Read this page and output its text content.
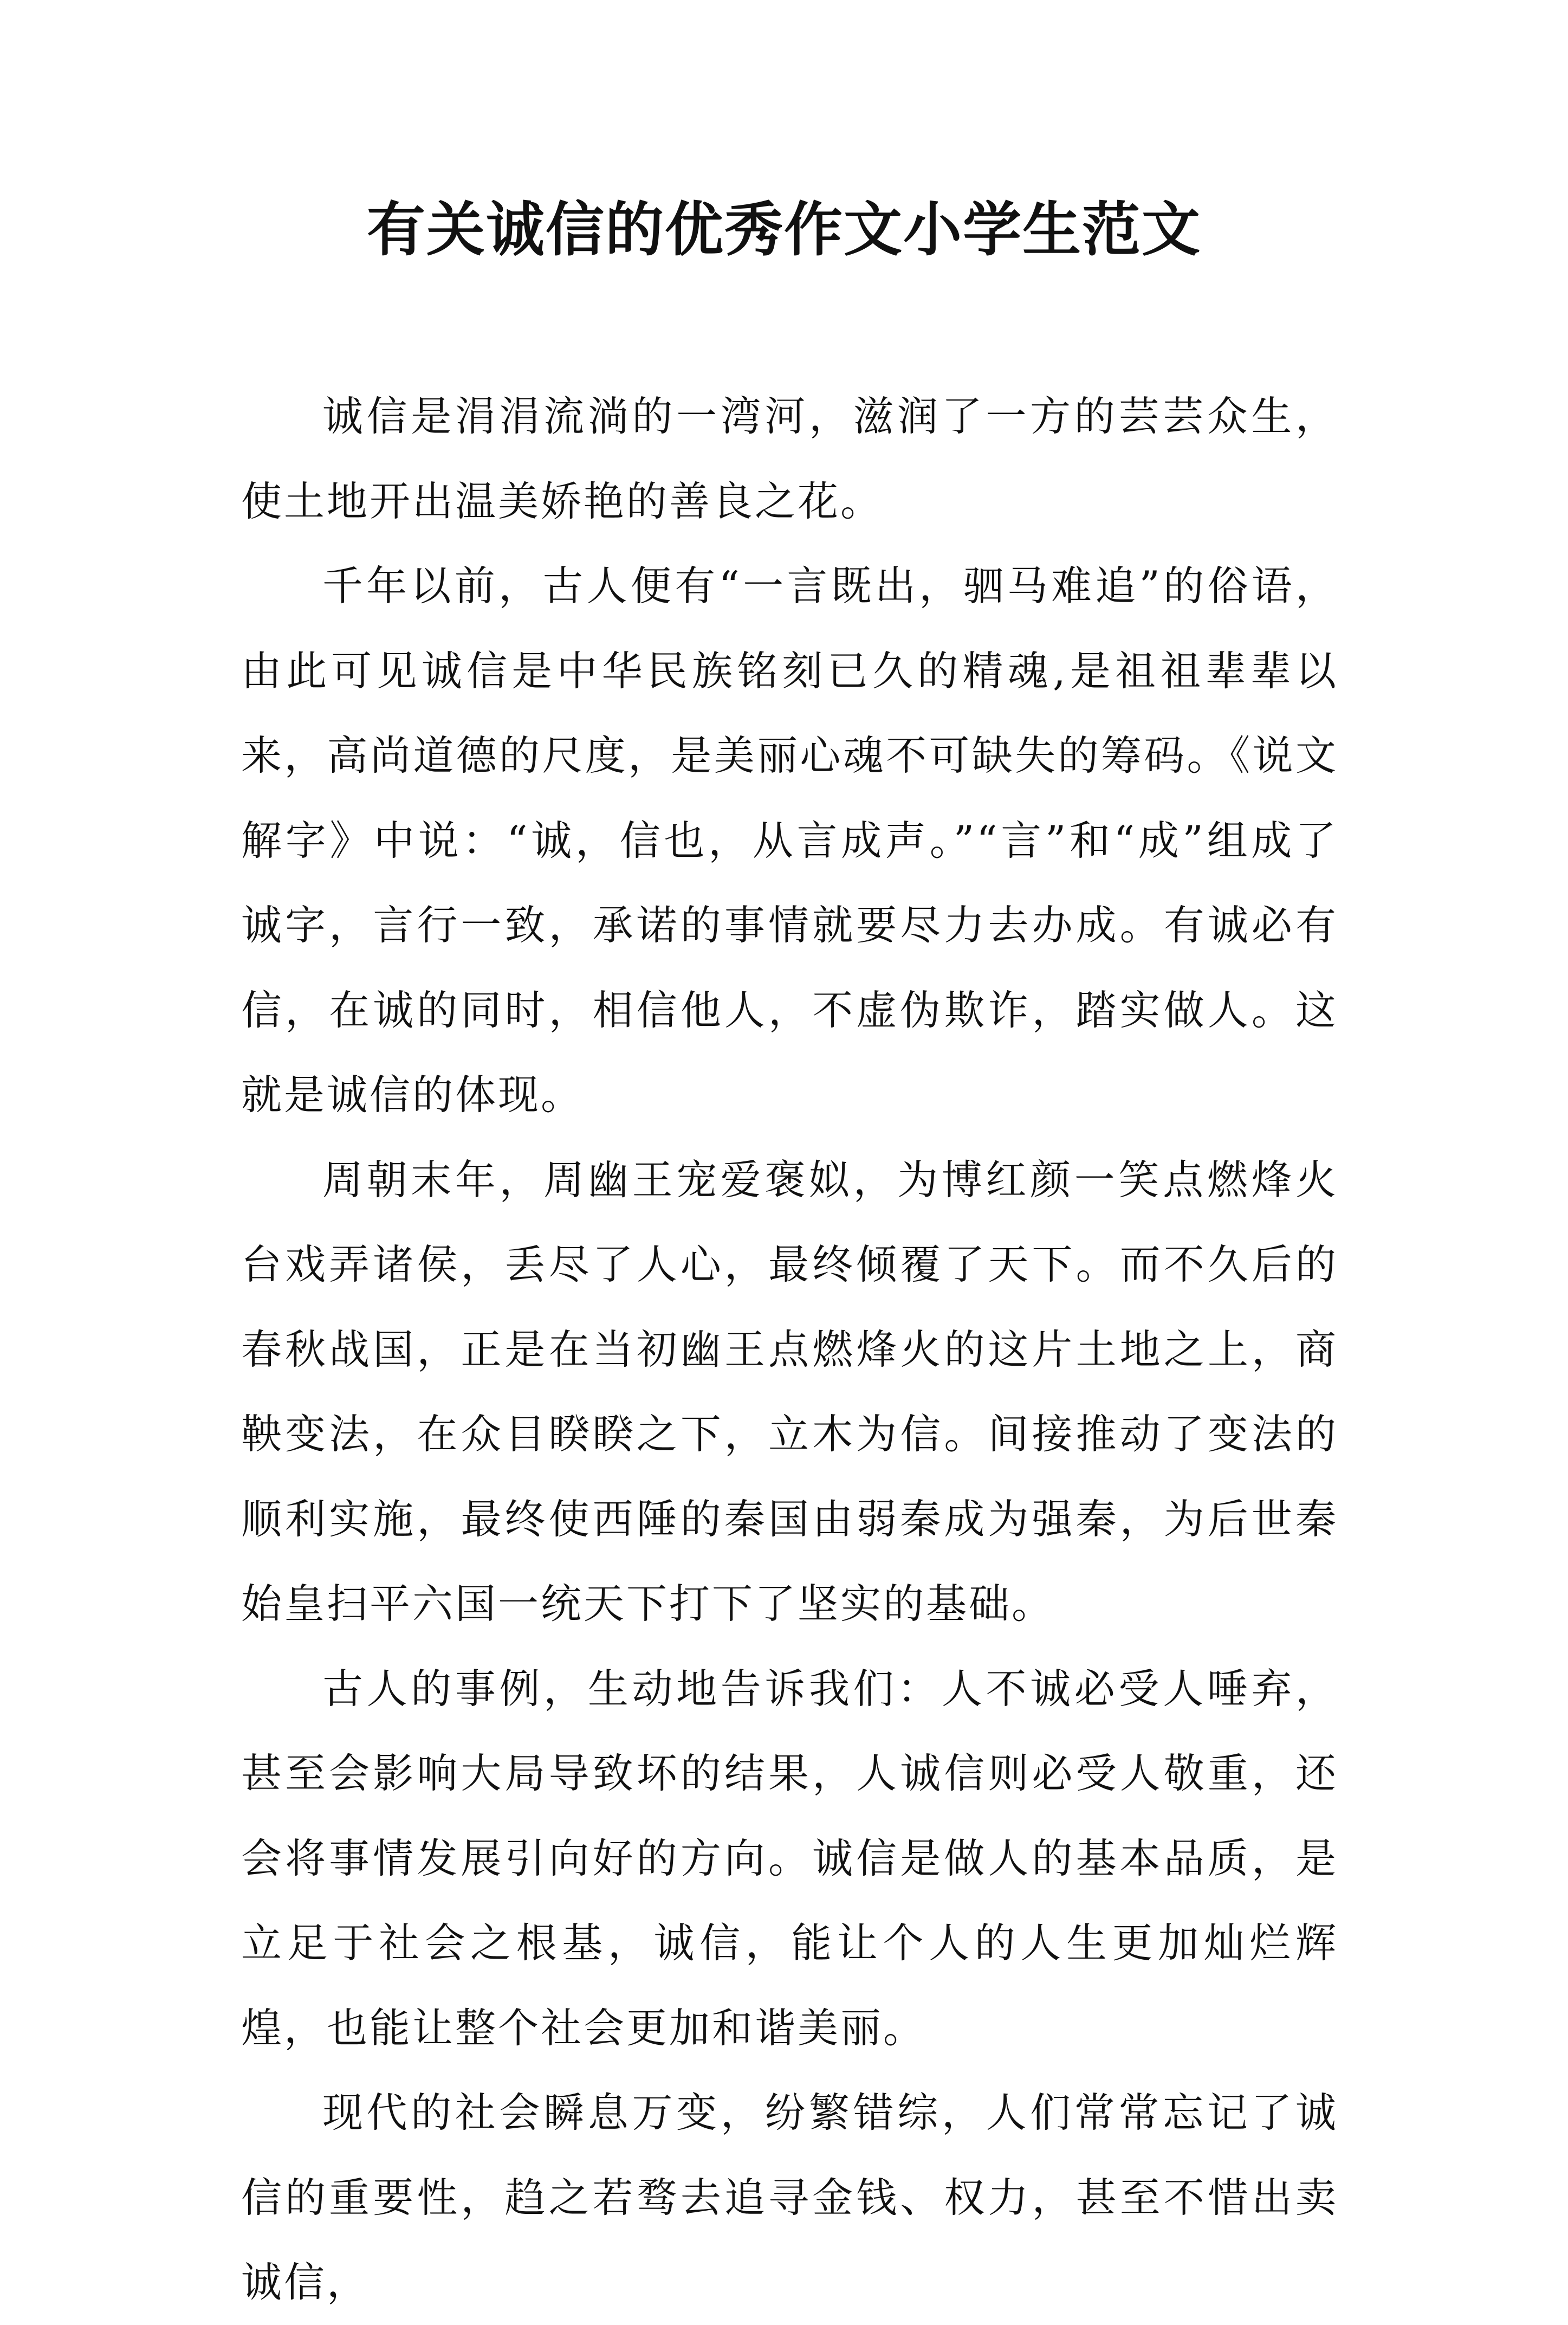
有关诚信的优秀作文小学生范文

诚信是涓涓流淌的一湾河，滋润了一方的芸芸众生，使土地开出温美娇艳的善良之花。

千年以前，古人便有“一言既出，驷马难追”的俗语，由此可见诚信是中华民族铭刻已久的精魂,是祖祖辈辈以来，高尚道德的尺度，是美丽心魂不可缺失的筹码。《说文解字》中说：“诚，信也，从言成声。”“言”和“成”组成了诚字，言行一致，承诺的事情就要尽力去办成。有诚必有信，在诚的同时，相信他人，不虚伪欺诈，踏实做人。这就是诚信的体现。

周朝末年，周幽王宠爱褒姒，为博红颜一笑点燃烽火台戏弄诸侯，丢尽了人心，最终倾覆了天下。而不久后的春秋战国，正是在当初幽王点燃烽火的这片土地之上，商鞅变法，在众目睽睽之下，立木为信。间接推动了变法的顺利实施，最终使西陲的秦国由弱秦成为强秦，为后世秦始皇扫平六国一统天下打下了坚实的基础。

古人的事例，生动地告诉我们：人不诚必受人唾弃，甚至会影响大局导致坏的结果，人诚信则必受人敬重，还会将事情发展引向好的方向。诚信是做人的基本品质，是立足于社会之根基，诚信，能让个人的人生更加灿烂辉煌，也能让整个社会更加和谐美丽。

现代的社会瞬息万变，纷繁错综，人们常常忘记了诚信的重要性，趋之若骛去追寻金钱、权力，甚至不惜出卖诚信，
